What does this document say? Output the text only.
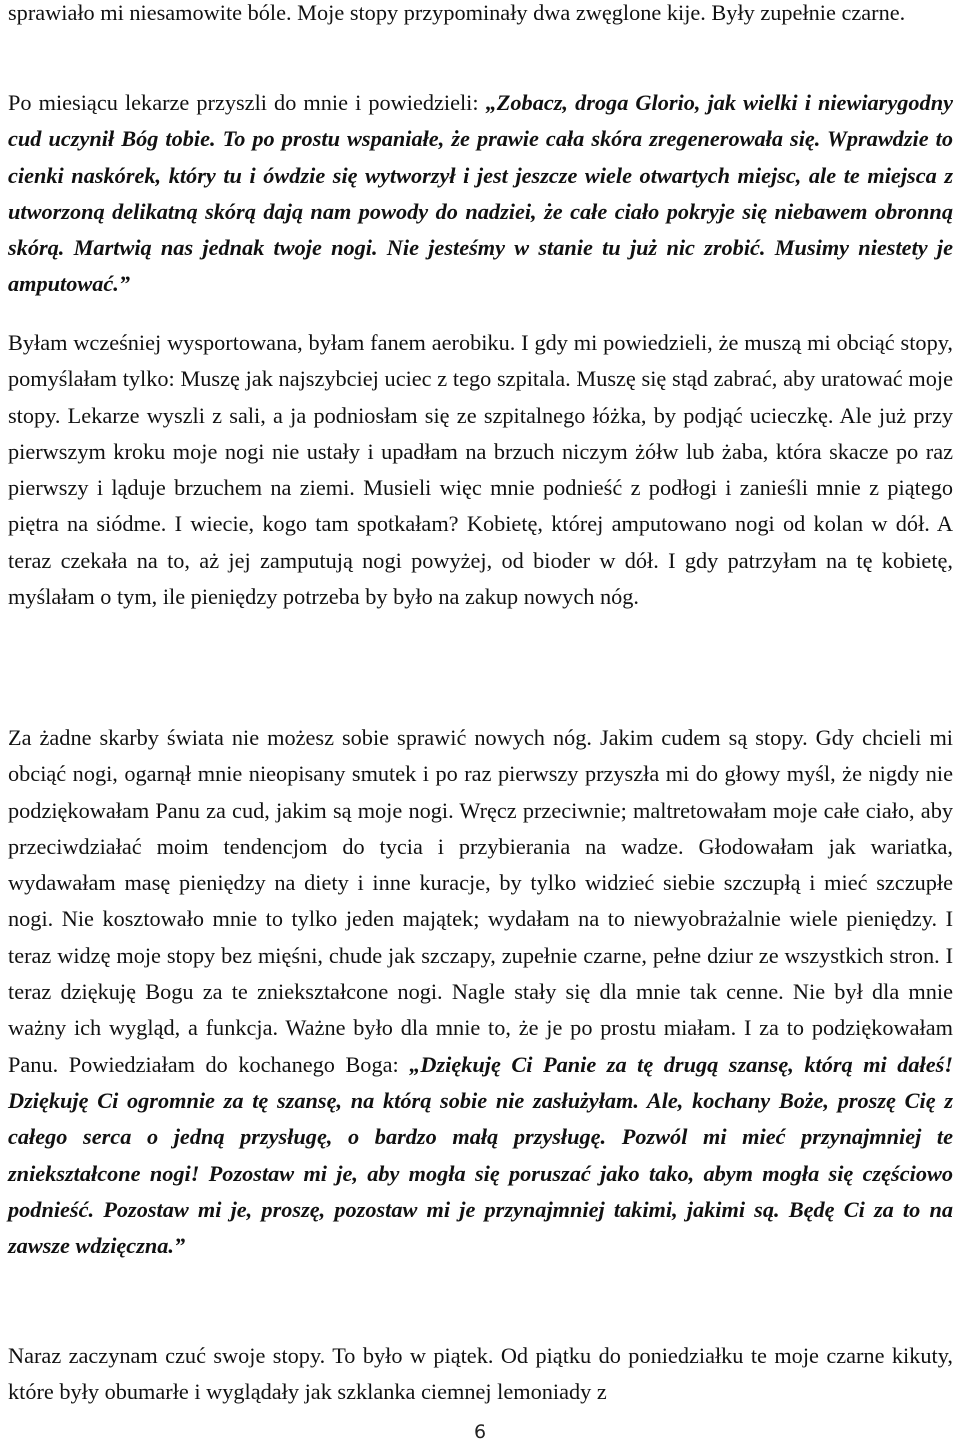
sprawiało mi niesamowite bóle. Moje stopy przypominały dwa zwęglone kije. Były zupełnie czarne.

Po miesiącu lekarze przyszli do mnie i powiedzieli: „Zobacz, droga Glorio, jak wielki i niewiarygodny cud uczynił Bóg tobie. To po prostu wspaniałe, że prawie cała skóra zregenerowała się. Wprawdzie to cienki naskórek, który tu i ówdzie się wytworzył i jest jeszcze wiele otwartych miejsc, ale te miejsca z utworzoną delikatną skórą dają nam powody do nadziei, że całe ciało pokryje się niebawem obronną skórą. Martwią nas jednak twoje nogi. Nie jesteśmy w stanie tu już nic zrobić. Musimy niestety je amputować.”

Byłam wcześniej wysportowana, byłam fanem aerobiku. I gdy mi powiedzieli, że muszą mi obciąć stopy, pomyślałam tylko: Muszę jak najszybciej uciec z tego szpitala. Muszę się stąd zabrać, aby uratować moje stopy. Lekarze wyszli z sali, a ja podniosłam się ze szpitalnego łóżka, by podjąć ucieczkę. Ale już przy pierwszym kroku moje nogi nie ustały i upadłam na brzuch niczym żółw lub żaba, która skacze po raz pierwszy i ląduje brzuchem na ziemi. Musieli więc mnie podnieść z podłogi i zanieśli mnie z piątego piętra na siódme. I wiecie, kogo tam spotkałam? Kobietę, której amputowano nogi od kolan w dół. A teraz czekała na to, aż jej zamputują nogi powyżej, od bioder w dół. I gdy patrzyłam na tę kobietę, myślałam o tym, ile pieniędzy potrzeba by było na zakup nowych nóg.

Za żadne skarby świata nie możesz sobie sprawić nowych nóg. Jakim cudem są stopy. Gdy chcieli mi obciąć nogi, ogarnął mnie nieopisany smutek i po raz pierwszy przyszła mi do głowy myśl, że nigdy nie podziękowałam Panu za cud, jakim są moje nogi. Wręcz przeciwnie; maltretowałam moje całe ciało, aby przeciwdziałać moim tendencjom do tycia i przybierania na wadze. Głodowałam jak wariatka, wydawałam masę pieniędzy na diety i inne kuracje, by tylko widzieć siebie szczupłą i mieć szczupłe nogi. Nie kosztowało mnie to tylko jeden majątek; wydałam na to niewyobrażalnie wiele pieniędzy. I teraz widzę moje stopy bez mięśni, chude jak szczapy, zupełnie czarne, pełne dziur ze wszystkich stron. I teraz dziękuję Bogu za te zniekształcone nogi. Nagle stały się dla mnie tak cenne. Nie był dla mnie ważny ich wygląd, a funkcja. Ważne było dla mnie to, że je po prostu miałam. I za to podziękowałam Panu. Powiedziałam do kochanego Boga: „Dziękuję Ci Panie za tę drugą szansę, którą mi dałeś! Dziękuję Ci ogromnie za tę szansę, na którą sobie nie zasłużyłam. Ale, kochany Boże, proszę Cię z całego serca o jedną przysługę, o bardzo małą przysługę. Pozwól mi mieć przynajmniej te zniekształcone nogi! Pozostaw mi je, aby mogła się poruszać jako tako, abym mogła się częściowo podnieść. Pozostaw mi je, proszę, pozostaw mi je przynajmniej takimi, jakimi są. Będę Ci za to na zawsze wdzięczna.”

Naraz zaczynam czuć swoje stopy. To było w piątek. Od piątku do poniedziałku te moje czarne kikuty, które były obumarłe i wyglądały jak szklanka ciemnej lemoniady z

6
